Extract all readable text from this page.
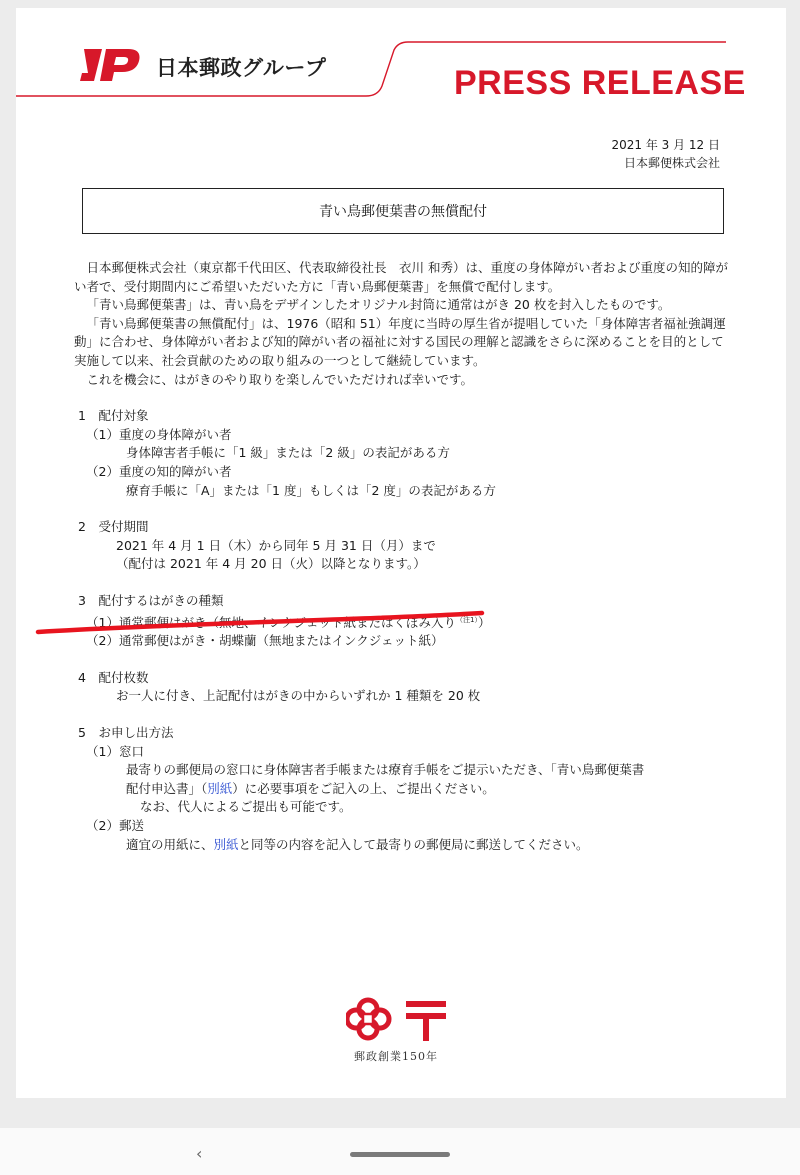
日本郵政グループ	PRESS RELEASE
2021 年 3 月 12 日
日本郵便株式会社
青い鳥郵便葉書の無償配付

日本郵便株式会社（東京都千代田区、代表取締役社長　衣川 和秀）は、重度の身体障がい者および重度の知的障がい者で、受付期間内にご希望いただいた方に「青い鳥郵便葉書」を無償で配付します。

「青い鳥郵便葉書」は、青い鳥をデザインしたオリジナル封筒に通常はがき 20 枚を封入したものです。

「青い鳥郵便葉書の無償配付」は、1976（昭和 51）年度に当時の厚生省が提唱していた「身体障害者福祉強調運動」に合わせ、身体障がい者および知的障がい者の福祉に対する国民の理解と認識をさらに深めることを目的として実施して以来、社会貢献のための取り組みの一つとして継続しています。

これを機会に、はがきのやり取りを楽しんでいただければ幸いです。

1　配付対象
（1）重度の身体障がい者
身体障害者手帳に「1 級」または「2 級」の表記がある方
（2）重度の知的障がい者
療育手帳に「A」または「1 度」もしくは「2 度」の表記がある方
2　受付期間
2021 年 4 月 1 日（木）から同年 5 月 31 日（月）まで
（配付は 2021 年 4 月 20 日（火）以降となります。）
3　配付するはがきの種類
（1）通常郵便はがき（無地、インクジェット紙またはくぼみ入り$^{(注1)}$）
（2）通常郵便はがき・胡蝶蘭（無地またはインクジェット紙）
4　配付枚数
お一人に付き、上記配付はがきの中からいずれか 1 種類を 20 枚
5　お申し出方法
（1）窓口
最寄りの郵便局の窓口に身体障害者手帳または療育手帳をご提示いただき、「青い鳥郵便葉書
配付申込書」（別紙）に必要事項をご記入の上、ご提出ください。
なお、代人によるご提出も可能です。
（2）郵送
適宜の用紙に、別紙と同等の内容を記入して最寄りの郵便局に郵送してください。
郵政創業150年
‹
